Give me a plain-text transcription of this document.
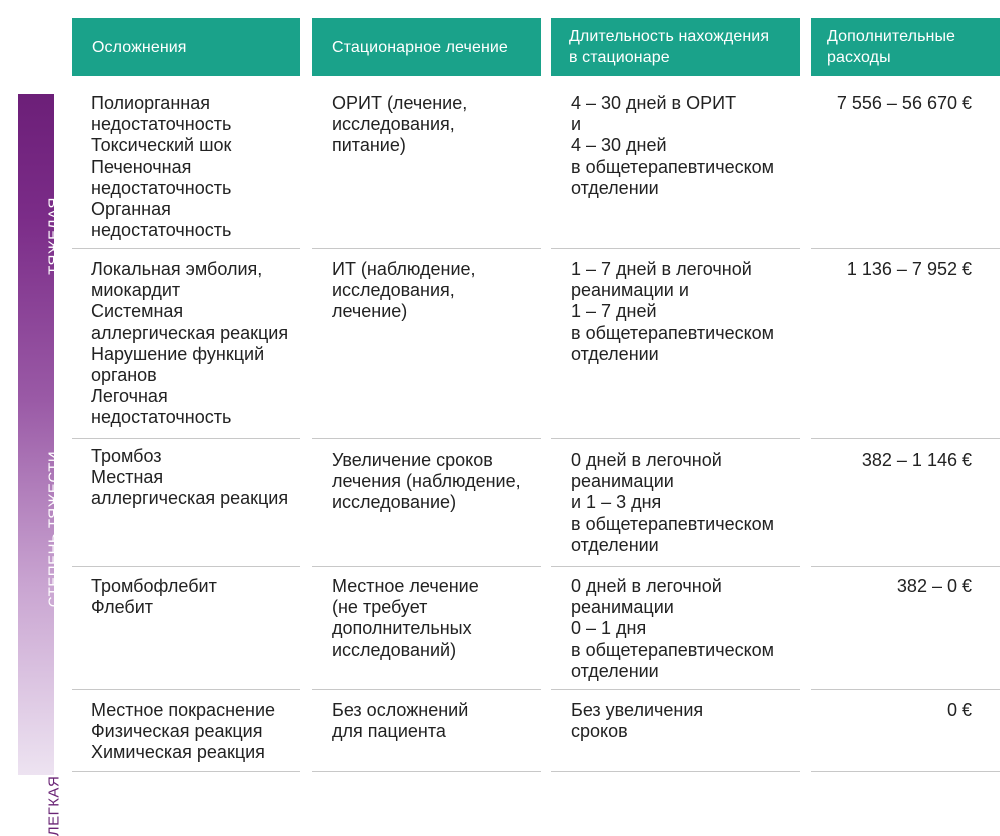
Осложнения	Стационарное лечение
Длительность нахождения
в стационаре
Дополнительные
расходы
ТЯЖЕЛАЯ
СТЕПЕНЬ ТЯЖЕСТИ
ЛЕГКАЯ
Полиорганная
недостаточность
Токсический шок
Печеночная
недостаточность
Органная
недостаточность
ОРИТ (лечение,
исследования,
питание)
4 – 30 дней в ОРИТ
и
4 – 30 дней
в общетерапевтическом
отделении
7 556 – 56 670 €
Локальная эмболия,
миокардит
Системная
аллергическая реакция
Нарушение функций
органов
Легочная
недостаточность
ИТ (наблюдение,
исследования,
лечение)
1 – 7 дней в легочной
реанимации и
1 – 7 дней
в общетерапевтическом
отделении
1 136 – 7 952 €
Тромбоз
Местная
аллергическая реакция
Увеличение сроков
лечения (наблюдение,
исследование)
0 дней в легочной
реанимации
и 1 – 3 дня
в общетерапевтическом
отделении
382 – 1 146 €
Тромбофлебит
Флебит
Местное лечение
(не требует
дополнительных
исследований)
0 дней в легочной
реанимации
0 – 1 дня
в общетерапевтическом
отделении
382 – 0 €
Местное покраснение
Физическая реакция
Химическая реакция
Без осложнений
для пациента
Без увеличения
сроков
0 €
